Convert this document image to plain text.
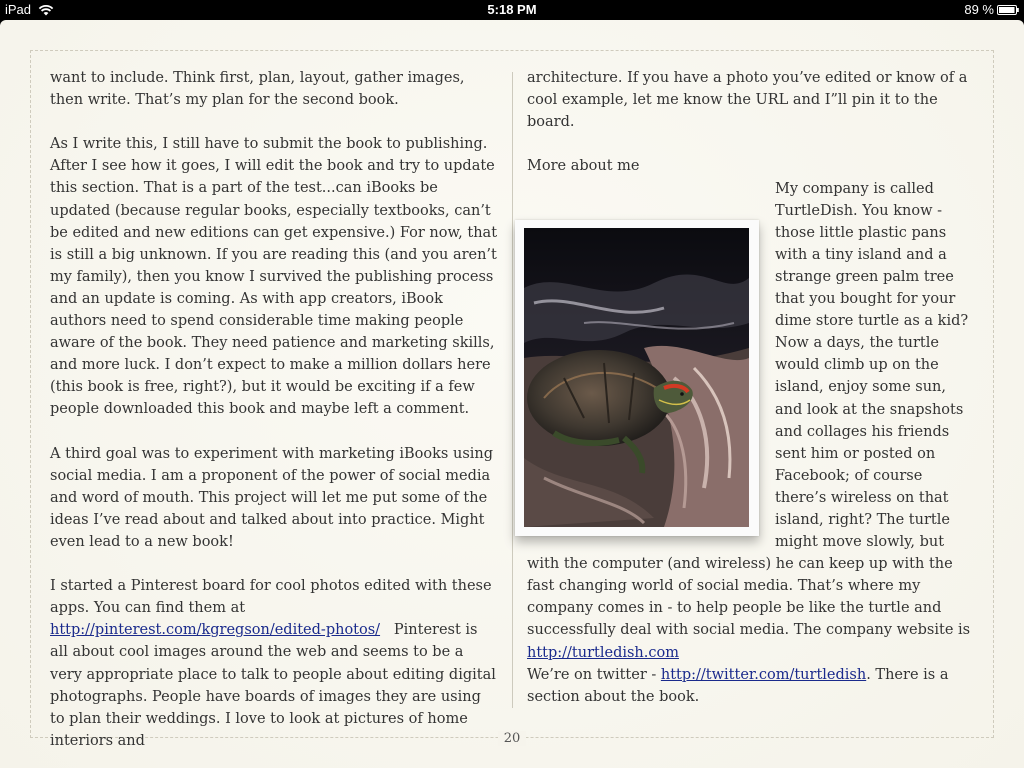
iPad	5:18 PM	89 %

want to include. Think first, plan, layout, gather images, then write. That’s my plan for the second book.

As I write this, I still have to submit the book to publishing. After I see how it goes, I will edit the book and try to update this section. That is a part of the test...can iBooks be updated (because regular books, especially textbooks, can’t be edited and new editions can get expensive.) For now, that is still a big unknown. If you are reading this (and you aren’t my family), then you know I survived the publishing process and an update is coming. As with app creators, iBook authors need to spend considerable time making people aware of the book. They need patience and marketing skills, and more luck. I don’t expect to make a million dollars here (this book is free, right?), but it would be exciting if a few people downloaded this book and maybe left a comment.

A third goal was to experiment with marketing iBooks using social media. I am a proponent of the power of social media and word of mouth. This project will let me put some of the ideas I’ve read about and talked about into practice. Might even lead to a new book!

I started a Pinterest board for cool photos edited with these apps. You can find them at http://pinterest.com/kgregson/edited-photos/   Pinterest is all about cool images around the web and seems to be a very appropriate place to talk to people about editing digital photographs. People have boards of images they are using to plan their weddings. I love to look at pictures of home interiors and

architecture. If you have a photo you’ve edited or know of a cool example, let me know the URL and I”ll pin it to the board.

More about me

My company is called TurtleDish. You know - those little plastic pans with a tiny island and a strange green palm tree that you bought for your dime store turtle as a kid? Now a days, the turtle would climb up on the island, enjoy some sun, and look at the snapshots and collages his friends sent him or posted on Facebook; of course there’s wireless on that island, right? The turtle might move slowly, but with the computer (and wireless) he can keep up with the fast changing world of social media. That’s where my company comes in - to help people be like the turtle and successfully deal with social media. The company website is http://turtledish.com

We’re on twitter - http://twitter.com/turtledish. There is a section about the book.

20
